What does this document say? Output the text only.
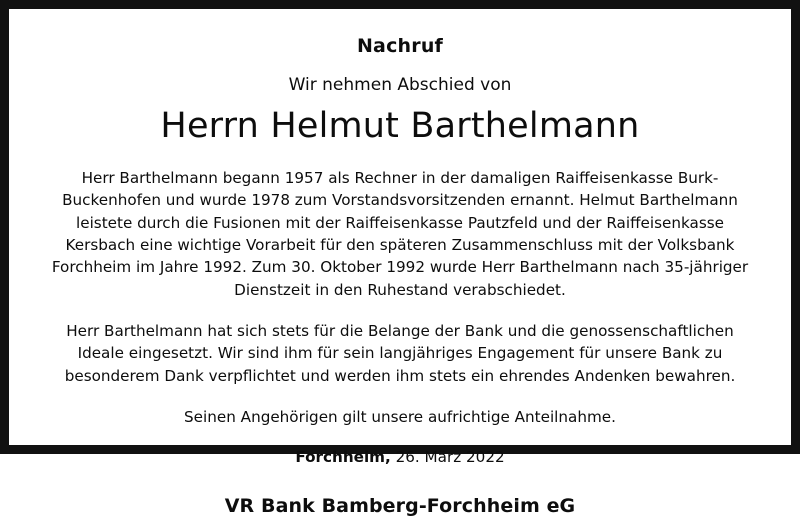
Nachruf

Wir nehmen Abschied von

Herrn Helmut Barthelmann

Herr Barthelmann begann 1957 als Rechner in der damaligen Raiffeisenkasse Burk-Buckenhofen und wurde 1978 zum Vorstandsvorsitzenden ernannt. Helmut Barthelmann leistete durch die Fusionen mit der Raiffeisenkasse Pautzfeld und der Raiffeisenkasse Kersbach eine wichtige Vorarbeit für den späteren Zusammenschluss mit der Volksbank Forchheim im Jahre 1992. Zum 30. Oktober 1992 wurde Herr Barthelmann nach 35-jähriger Dienstzeit in den Ruhestand verabschiedet.

Herr Barthelmann hat sich stets für die Belange der Bank und die genossenschaftlichen Ideale eingesetzt. Wir sind ihm für sein langjähriges Engagement für unsere Bank zu besonderem Dank verpflichtet und werden ihm stets ein ehrendes Andenken bewahren.

Seinen Angehörigen gilt unsere aufrichtige Anteilnahme.

Forchheim, 26. März 2022

VR Bank Bamberg-Forchheim eG
